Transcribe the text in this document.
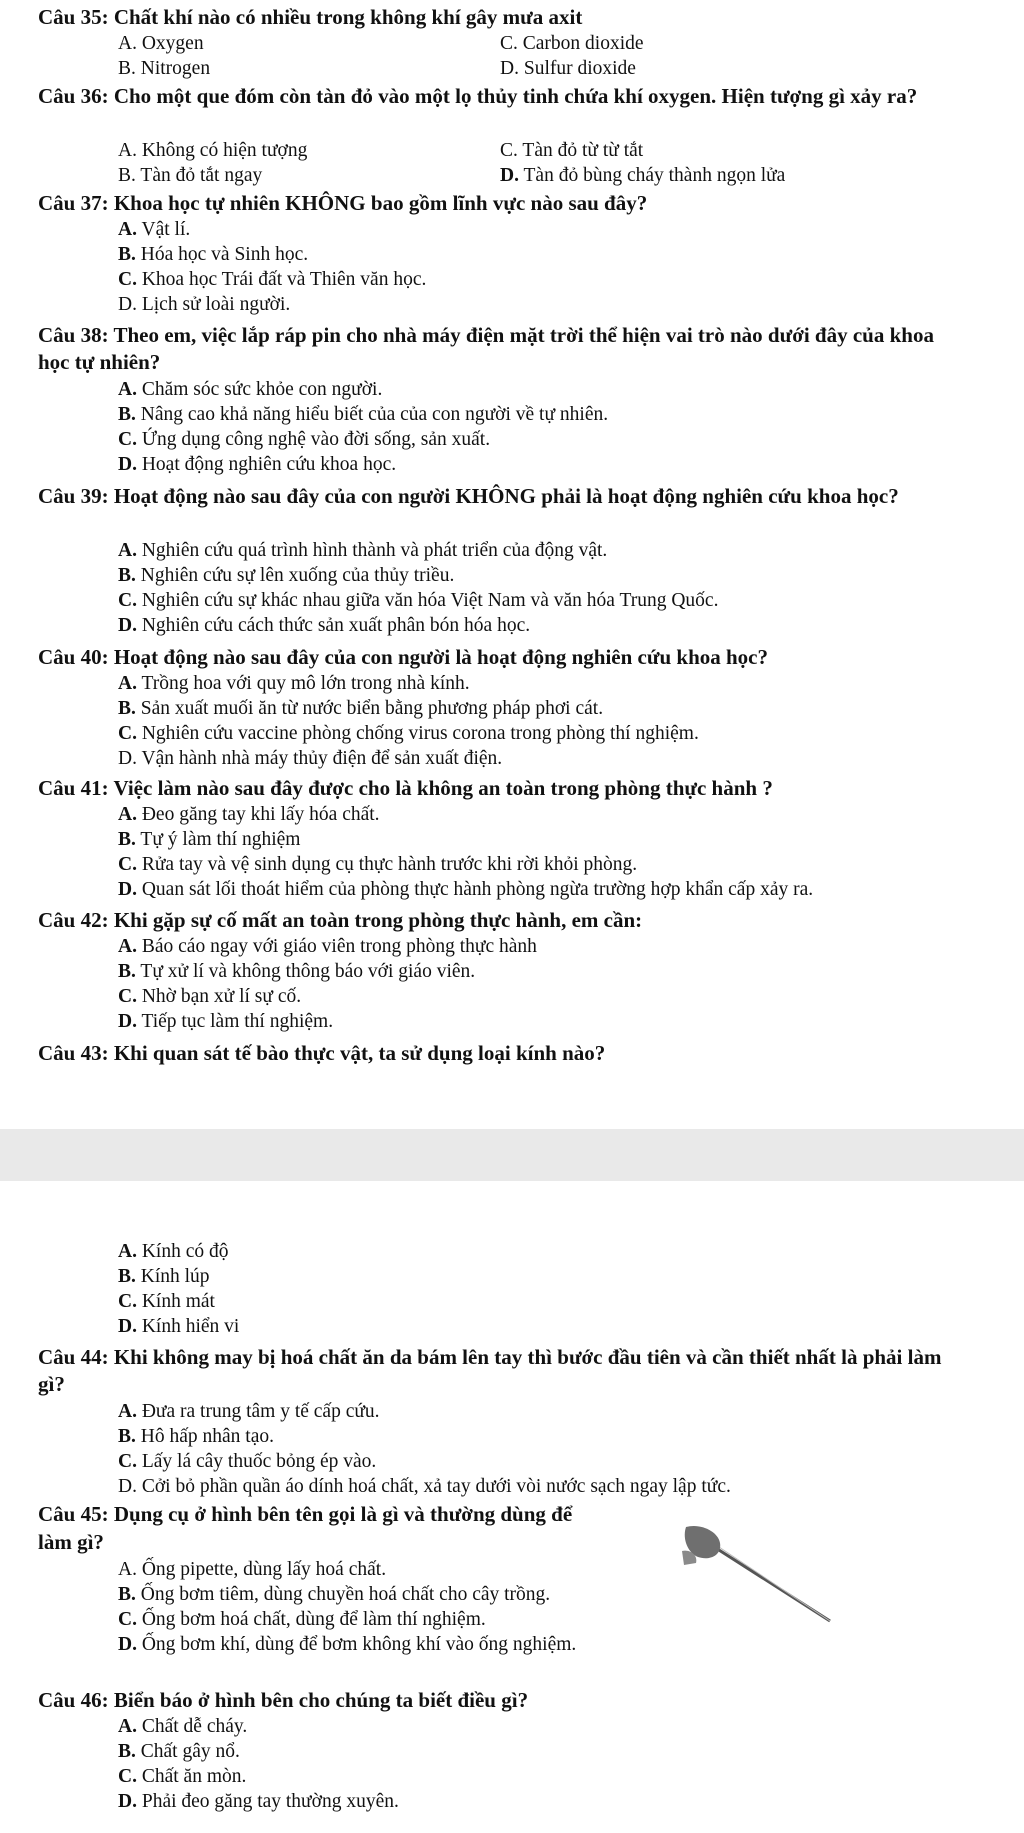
Câu 35: Chất khí nào có nhiều trong không khí gây mưa axit
A. Oxygen	C. Carbon dioxide
B. Nitrogen	D. Sulfur dioxide
Câu 36: Cho một que đóm còn tàn đỏ vào một lọ thủy tinh chứa khí oxygen. Hiện tượng gì xảy ra?
A. Không có hiện tượng	C. Tàn đỏ từ từ tắt
B. Tàn đỏ tắt ngay	D. Tàn đỏ bùng cháy thành ngọn lửa
Câu 37: Khoa học tự nhiên KHÔNG bao gồm lĩnh vực nào sau đây?
A. Vật lí.
B. Hóa học và Sinh học.
C. Khoa học Trái đất và Thiên văn học.
D. Lịch sử loài người.
Câu 38: Theo em, việc lắp ráp pin cho nhà máy điện mặt trời thể hiện vai trò nào dưới đây của khoa học tự nhiên?
A. Chăm sóc sức khỏe con người.
B. Nâng cao khả năng hiểu biết của của con người về tự nhiên.
C. Ứng dụng công nghệ vào đời sống, sản xuất.
D. Hoạt động nghiên cứu khoa học.
Câu 39: Hoạt động nào sau đây của con người KHÔNG phải là hoạt động nghiên cứu khoa học?
A. Nghiên cứu quá trình hình thành và phát triển của động vật.
B. Nghiên cứu sự lên xuống của thủy triều.
C. Nghiên cứu sự khác nhau giữa văn hóa Việt Nam và văn hóa Trung Quốc.
D. Nghiên cứu cách thức sản xuất phân bón hóa học.
Câu 40: Hoạt động nào sau đây của con người là hoạt động nghiên cứu khoa học?
A. Trồng hoa với quy mô lớn trong nhà kính.
B. Sản xuất muối ăn từ nước biển bằng phương pháp phơi cát.
C. Nghiên cứu vaccine phòng chống virus corona trong phòng thí nghiệm.
D. Vận hành nhà máy thủy điện để sản xuất điện.
Câu 41: Việc làm nào sau đây được cho là không an toàn trong phòng thực hành ?
A. Đeo găng tay khi lấy hóa chất.
B. Tự ý làm thí nghiệm
C. Rửa tay và vệ sinh dụng cụ thực hành trước khi rời khỏi phòng.
D. Quan sát lối thoát hiểm của phòng thực hành phòng ngừa trường hợp khẩn cấp xảy ra.
Câu 42: Khi gặp sự cố mất an toàn trong phòng thực hành, em cần:
A. Báo cáo ngay với giáo viên trong phòng thực hành
B. Tự xử lí và không thông báo với giáo viên.
C. Nhờ bạn xử lí sự cố.
D. Tiếp tục làm thí nghiệm.
Câu 43: Khi quan sát tế bào thực vật, ta sử dụng loại kính nào?
A. Kính có độ
B. Kính lúp
C. Kính mát
D. Kính hiển vi
Câu 44: Khi không may bị hoá chất ăn da bám lên tay thì bước đầu tiên và cần thiết nhất là phải làm gì?
A. Đưa ra trung tâm y tế cấp cứu.
B. Hô hấp nhân tạo.
C. Lấy lá cây thuốc bỏng ép vào.
D. Cởi bỏ phần quần áo dính hoá chất, xả tay dưới vòi nước sạch ngay lập tức.
Câu 45: Dụng cụ ở hình bên tên gọi là gì và thường dùng để
làm gì?
A. Ống pipette, dùng lấy hoá chất.
B. Ống bơm tiêm, dùng chuyền hoá chất cho cây trồng.
C. Ống bơm hoá chất, dùng để làm thí nghiệm.
D. Ống bơm khí, dùng để bơm không khí vào ống nghiệm.
Câu 46: Biển báo ở hình bên cho chúng ta biết điều gì?
A. Chất dễ cháy.
B. Chất gây nổ.
C. Chất ăn mòn.
D. Phải đeo găng tay thường xuyên.
